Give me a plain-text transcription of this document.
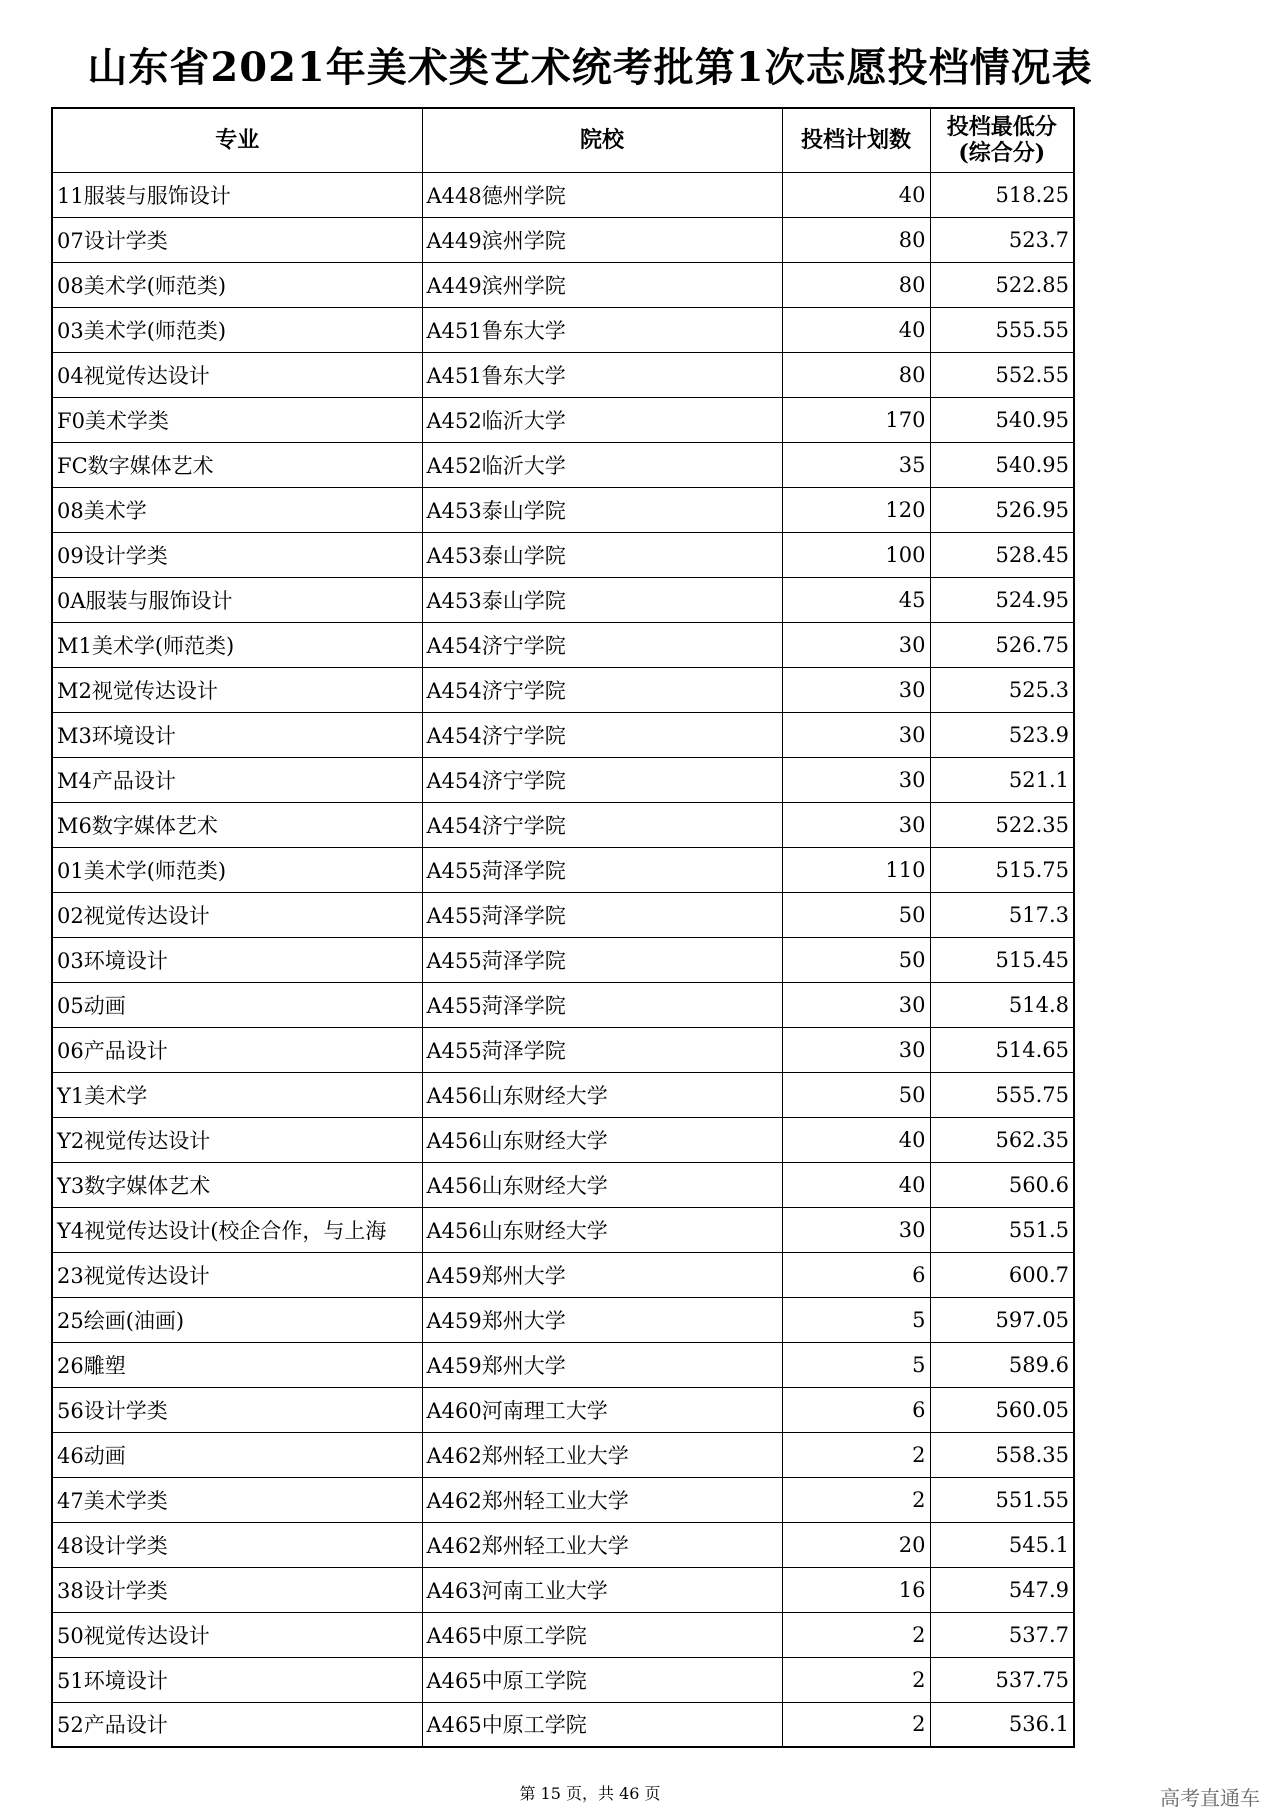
山东省2021年美术类艺术统考批第1次志愿投档情况表
专业	院校	投档计划数	投档最低分
(综合分)

11服装与服饰设计	A448德州学院	40	518.25
07设计学类	A449滨州学院	80	523.7
08美术学(师范类)	A449滨州学院	80	522.85
03美术学(师范类)	A451鲁东大学	40	555.55
04视觉传达设计	A451鲁东大学	80	552.55
F0美术学类	A452临沂大学	170	540.95
FC数字媒体艺术	A452临沂大学	35	540.95
08美术学	A453泰山学院	120	526.95
09设计学类	A453泰山学院	100	528.45
0A服装与服饰设计	A453泰山学院	45	524.95
M1美术学(师范类)	A454济宁学院	30	526.75
M2视觉传达设计	A454济宁学院	30	525.3
M3环境设计	A454济宁学院	30	523.9
M4产品设计	A454济宁学院	30	521.1
M6数字媒体艺术	A454济宁学院	30	522.35
01美术学(师范类)	A455菏泽学院	110	515.75
02视觉传达设计	A455菏泽学院	50	517.3
03环境设计	A455菏泽学院	50	515.45
05动画	A455菏泽学院	30	514.8
06产品设计	A455菏泽学院	30	514.65
Y1美术学	A456山东财经大学	50	555.75
Y2视觉传达设计	A456山东财经大学	40	562.35
Y3数字媒体艺术	A456山东财经大学	40	560.6
Y4视觉传达设计(校企合作，与上海	A456山东财经大学	30	551.5
23视觉传达设计	A459郑州大学	6	600.7
25绘画(油画)	A459郑州大学	5	597.05
26雕塑	A459郑州大学	5	589.6
56设计学类	A460河南理工大学	6	560.05
46动画	A462郑州轻工业大学	2	558.35
47美术学类	A462郑州轻工业大学	2	551.55
48设计学类	A462郑州轻工业大学	20	545.1
38设计学类	A463河南工业大学	16	547.9
50视觉传达设计	A465中原工学院	2	537.7
51环境设计	A465中原工学院	2	537.75
52产品设计	A465中原工学院	2	536.1
第 15 页，共 46 页	高考直通车
